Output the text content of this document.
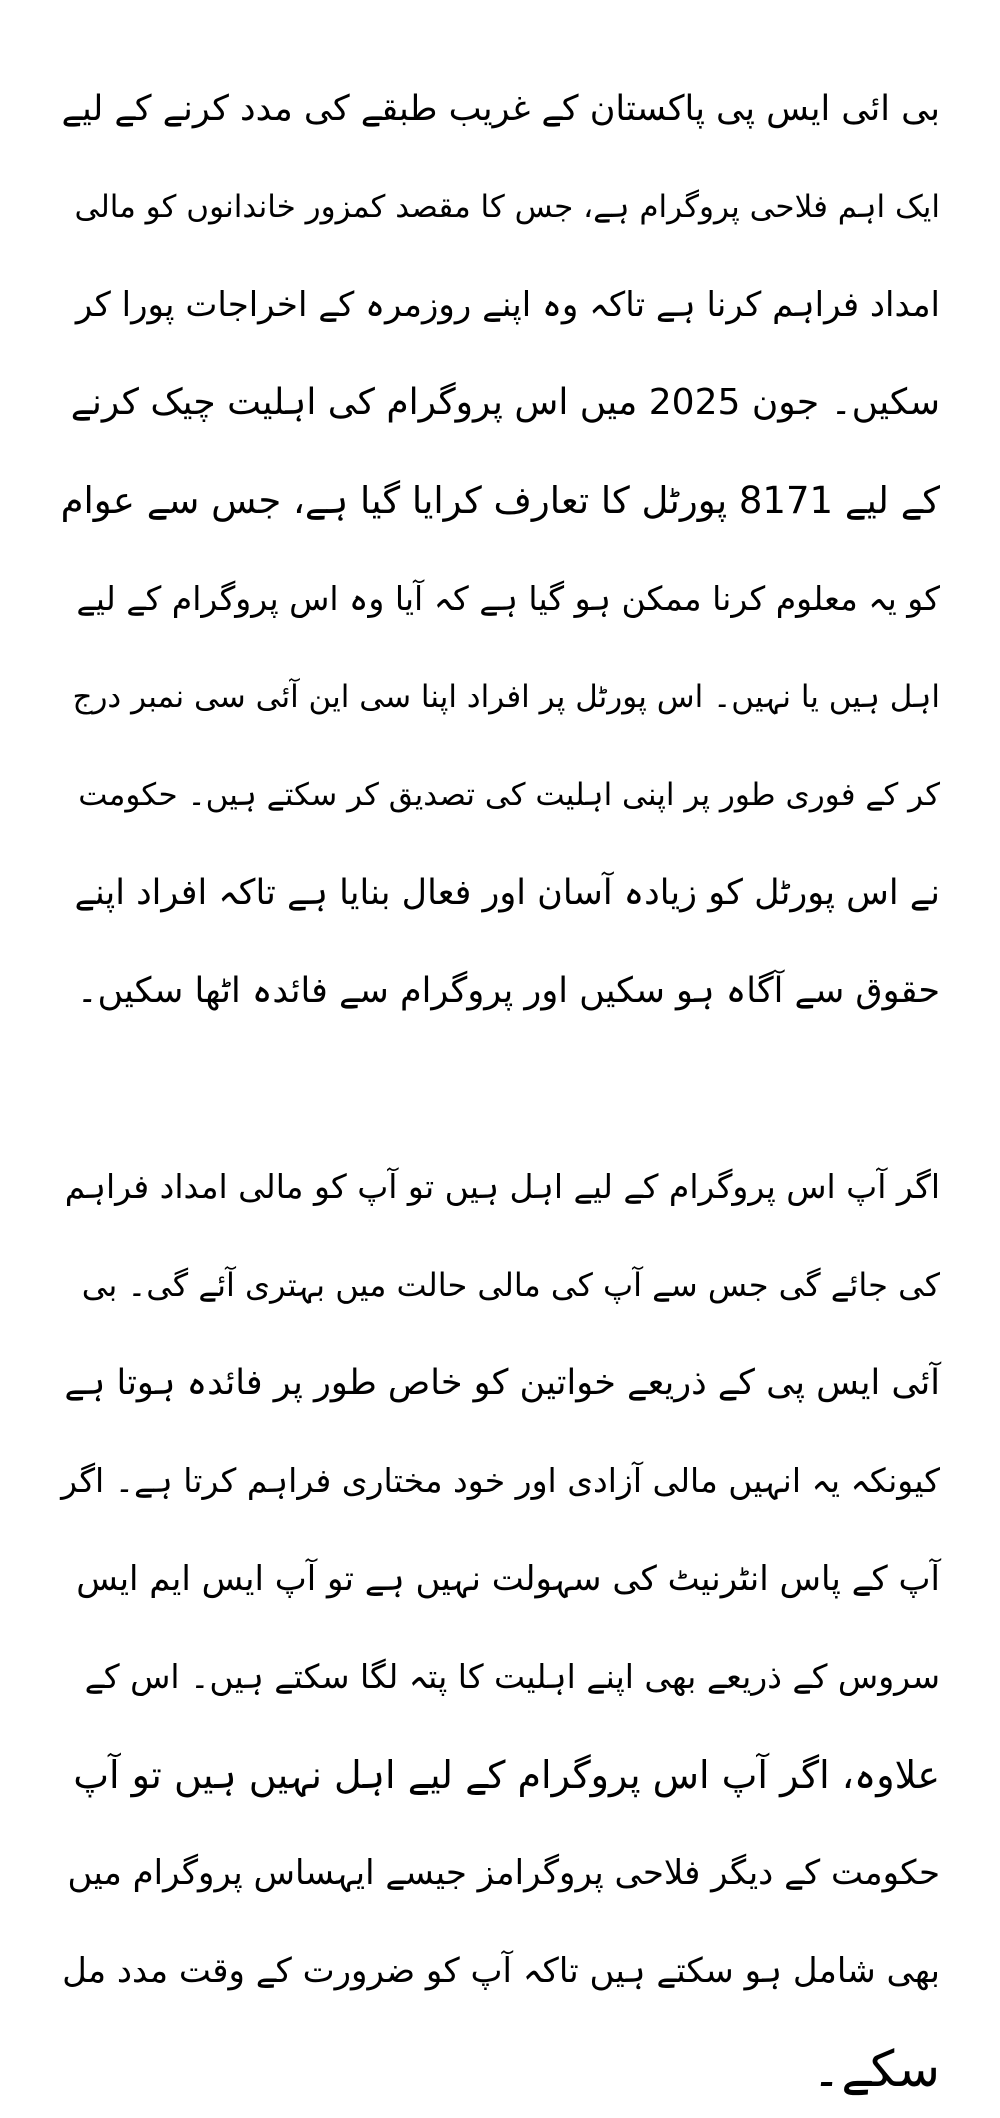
بی ائی ایس پی پاکستان کے غریب طبقے کی مدد کرنے کے لیے
ایک اہم فلاحی پروگرام ہے، جس کا مقصد کمزور خاندانوں کو مالی
امداد فراہم کرنا ہے تاکہ وہ اپنے روزمرہ کے اخراجات پورا کر
سکیں۔ جون 2025 میں اس پروگرام کی اہلیت چیک کرنے
کے لیے 8171 پورٹل کا تعارف کرایا گیا ہے، جس سے عوام
کو یہ معلوم کرنا ممکن ہو گیا ہے کہ آیا وہ اس پروگرام کے لیے
اہل ہیں یا نہیں۔ اس پورٹل پر افراد اپنا سی این آئی سی نمبر درج
کر کے فوری طور پر اپنی اہلیت کی تصدیق کر سکتے ہیں۔ حکومت
نے اس پورٹل کو زیادہ آسان اور فعال بنایا ہے تاکہ افراد اپنے
حقوق سے آگاہ ہو سکیں اور پروگرام سے فائدہ اٹھا سکیں۔
اگر آپ اس پروگرام کے لیے اہل ہیں تو آپ کو مالی امداد فراہم
کی جائے گی جس سے آپ کی مالی حالت میں بہتری آئے گی۔ بی
آئی ایس پی کے ذریعے خواتین کو خاص طور پر فائدہ ہوتا ہے
کیونکہ یہ انہیں مالی آزادی اور خود مختاری فراہم کرتا ہے۔ اگر
آپ کے پاس انٹرنیٹ کی سہولت نہیں ہے تو آپ ایس ایم ایس
سروس کے ذریعے بھی اپنے اہلیت کا پتہ لگا سکتے ہیں۔ اس کے
علاوہ، اگر آپ اس پروگرام کے لیے اہل نہیں ہیں تو آپ
حکومت کے دیگر فلاحی پروگرامز جیسے ایہساس پروگرام میں
بھی شامل ہو سکتے ہیں تاکہ آپ کو ضرورت کے وقت مدد مل
سکے۔
